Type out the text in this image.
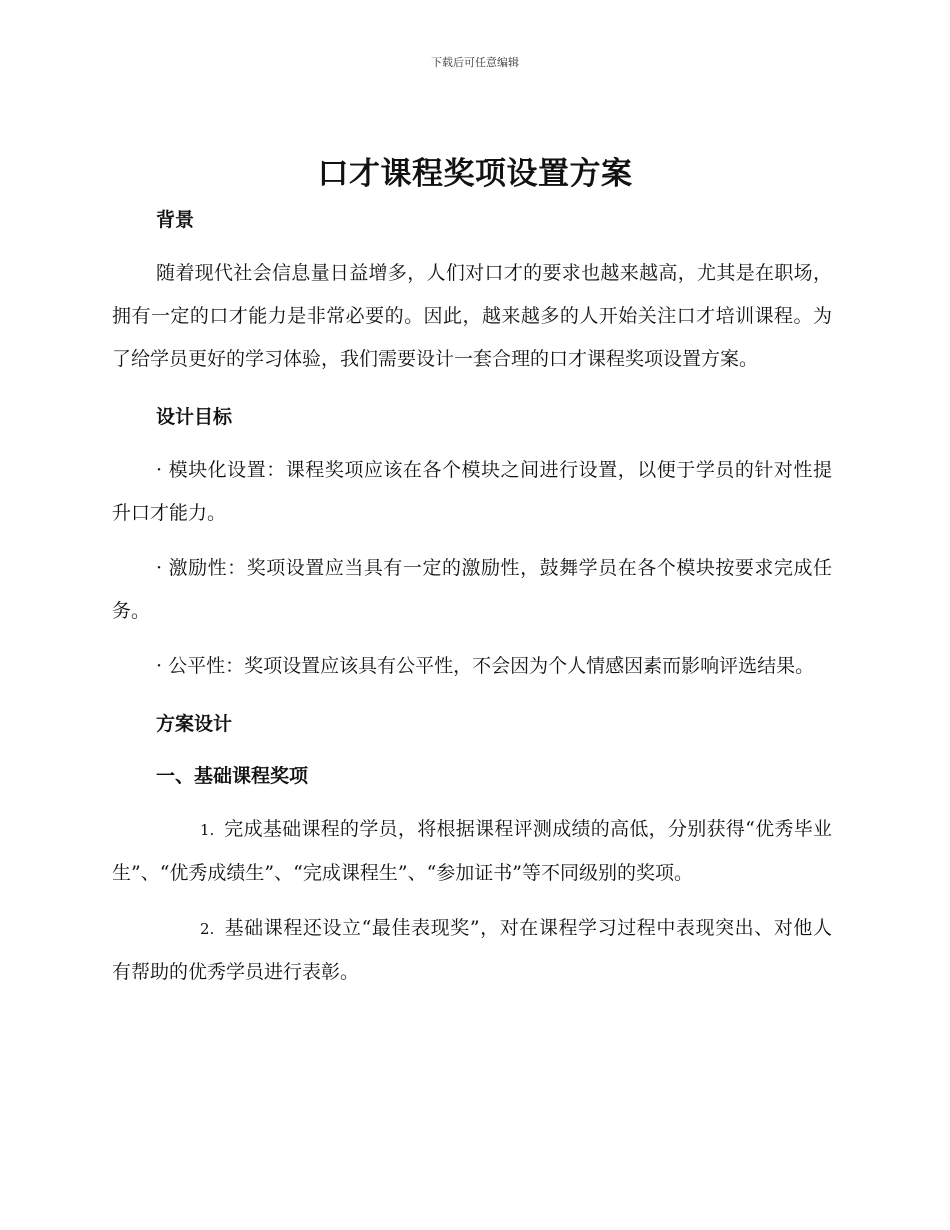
下载后可任意编辑
口才课程奖项设置方案

背景

随着现代社会信息量日益增多，人们对口才的要求也越来越高，尤其是在职场，拥有一定的口才能力是非常必要的。因此，越来越多的人开始关注口才培训课程。为了给学员更好的学习体验，我们需要设计一套合理的口才课程奖项设置方案。

设计目标

· 模块化设置：课程奖项应该在各个模块之间进行设置，以便于学员的针对性提升口才能力。

· 激励性：奖项设置应当具有一定的激励性，鼓舞学员在各个模块按要求完成任务。

· 公平性：奖项设置应该具有公平性，不会因为个人情感因素而影响评选结果。

方案设计

一、基础课程奖项

1. 完成基础课程的学员，将根据课程评测成绩的高低，分别获得“优秀毕业生”、“优秀成绩生”、“完成课程生”、“参加证书”等不同级别的奖项。

2. 基础课程还设立“最佳表现奖”，对在课程学习过程中表现突出、对他人有帮助的优秀学员进行表彰。
